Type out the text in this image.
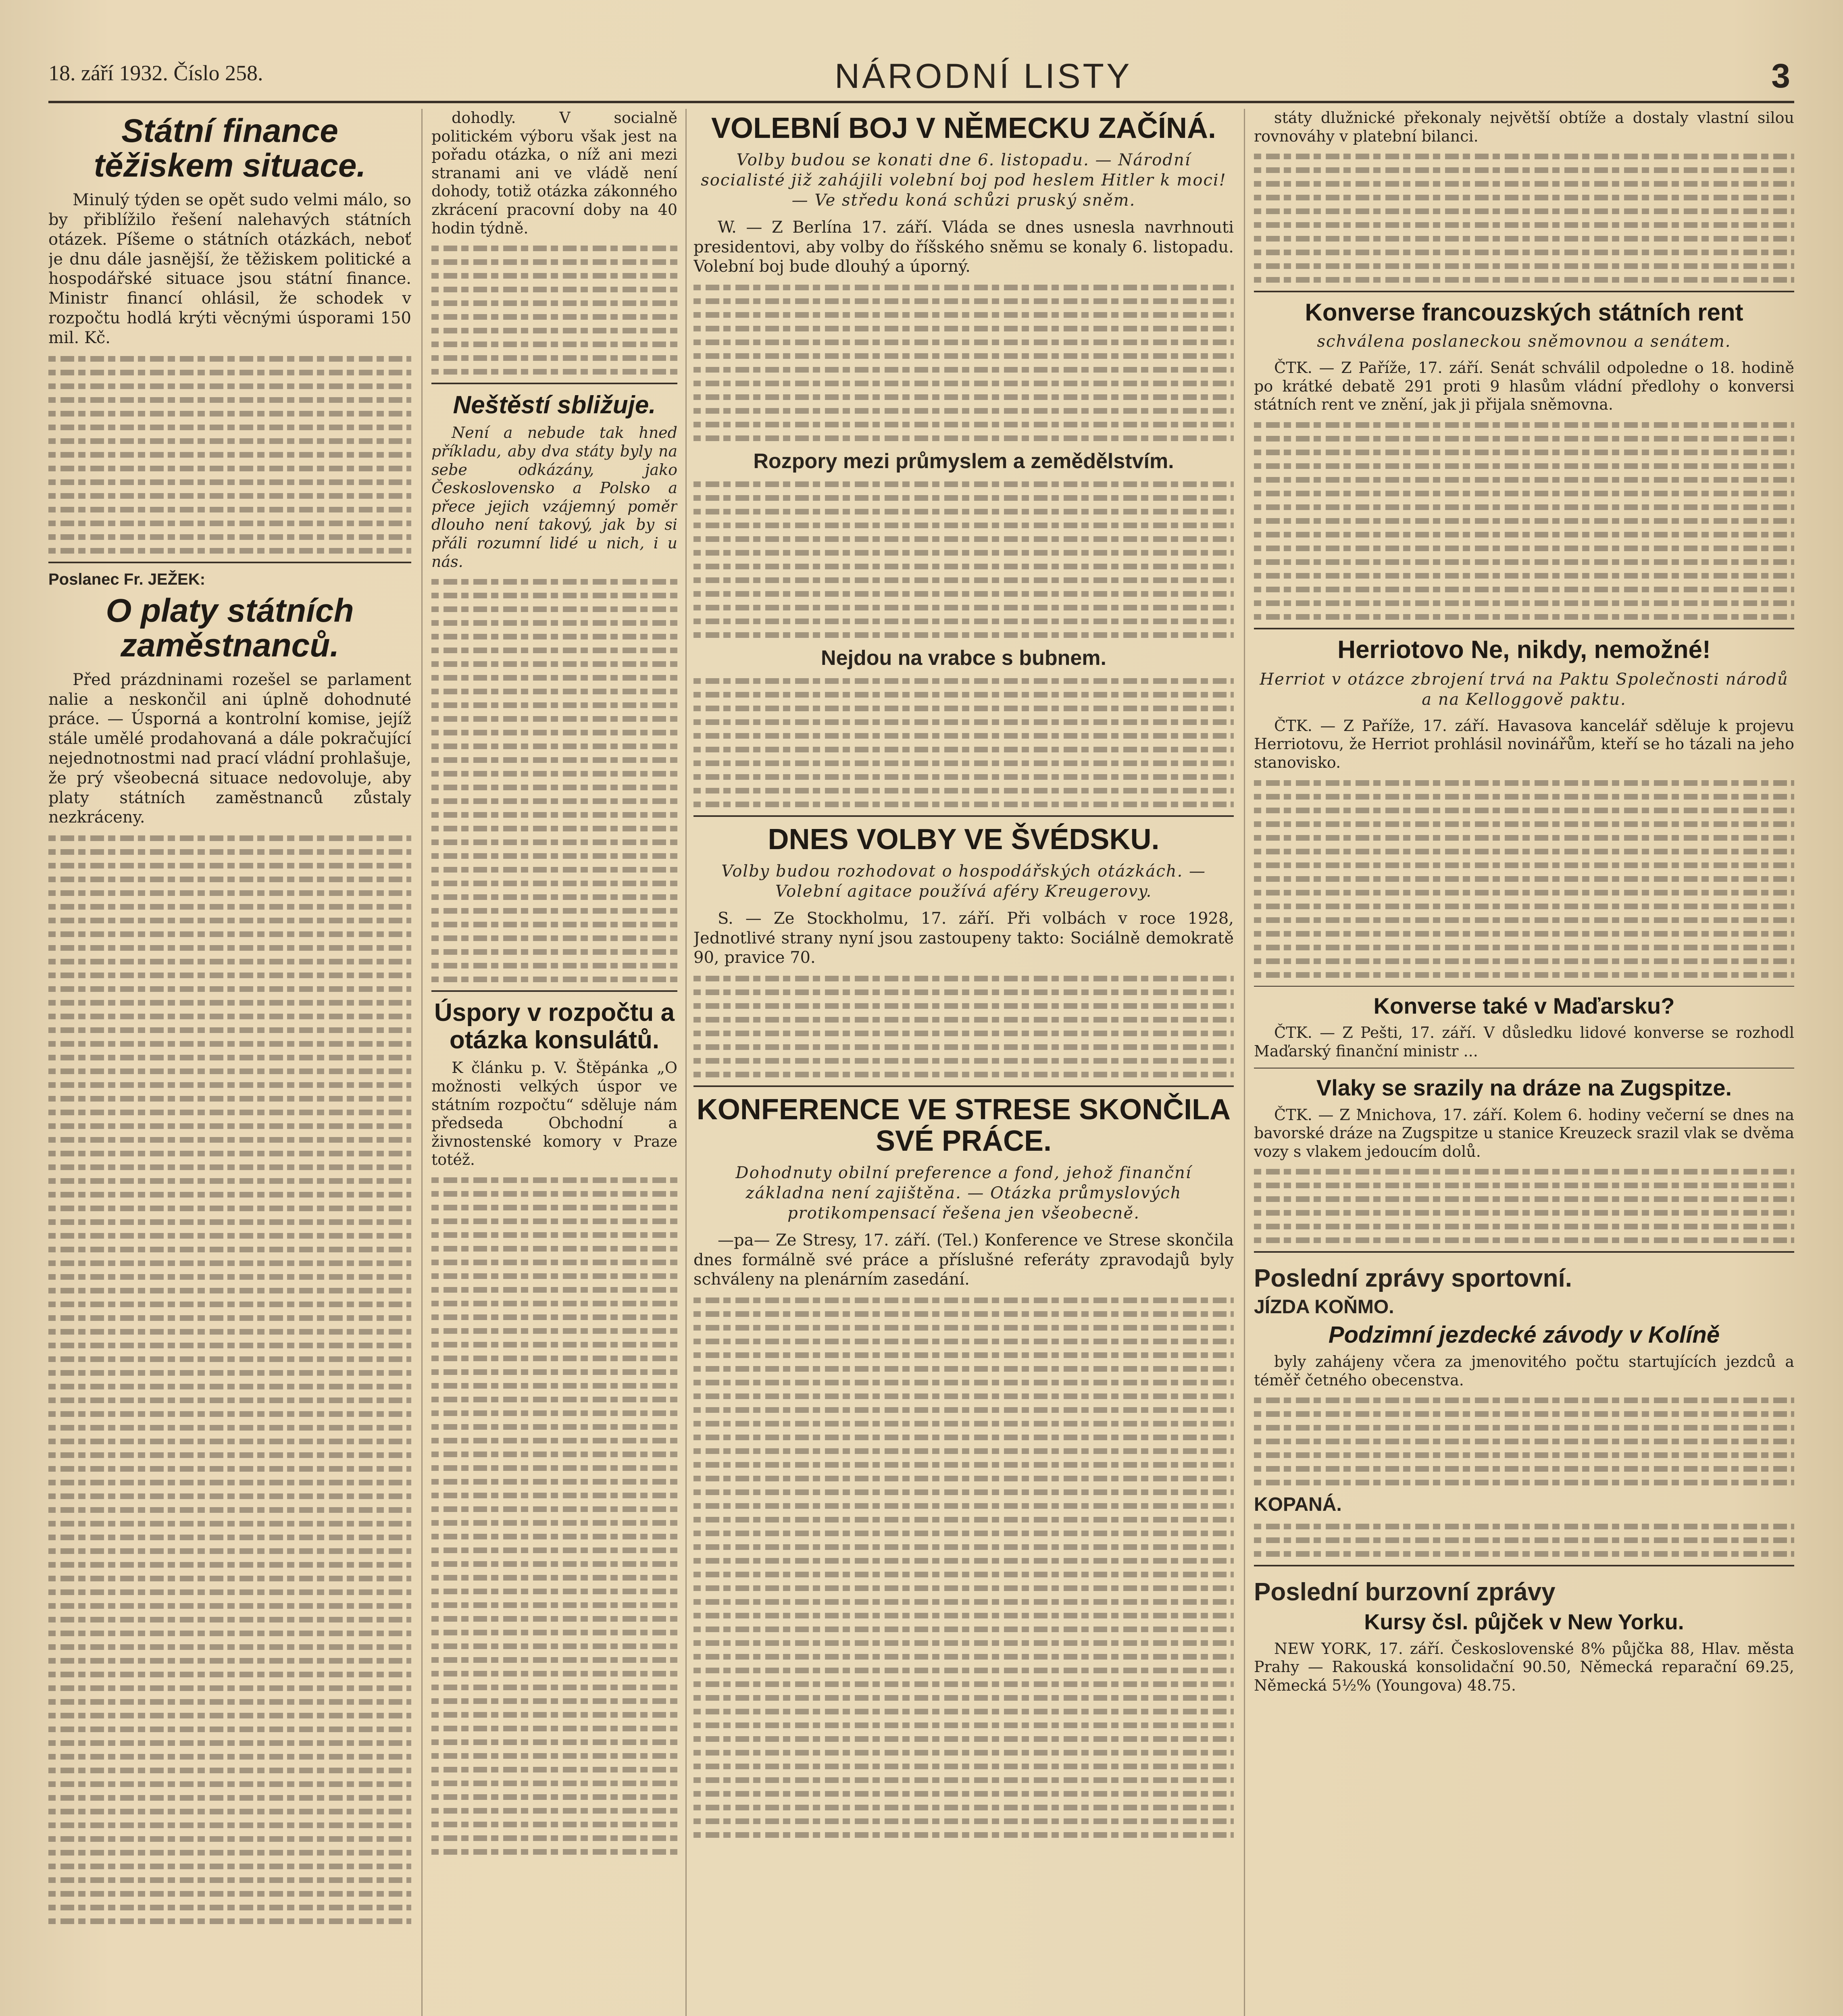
18. září 1932. Číslo 258.	NÁRODNÍ LISTY	3
Státní finance těžiskem situace.

Minulý týden se opět sudo velmi málo, so by přiblížilo řešení nalehavých státních otázek. Píšeme o státních otázkách, neboť je dnu dále jasnější, že těžiskem politické a hospodářské situace jsou státní finance. Ministr financí ohlásil, že schodek v rozpočtu hodlá krýti věcnými úsporami 150 mil. Kč.

Poslanec Fr. JEŽEK:
O platy státních zaměstnanců.

Před prázdninami rozešel se parlament nalie a neskončil ani úplně dohodnuté práce. — Úsporná a kontrolní komise, jejíž stále umělé prodahovaná a dále pokračující nejednotnostmi nad prací vládní prohlašuje, že prý všeobecná situace nedovoluje, aby platy státních zaměstnanců zůstaly nezkráceny.

dohodly. V socialně politickém výboru však jest na pořadu otázka, o níž ani mezi stranami ani ve vládě není dohody, totiž otázka zákonného zkrácení pracovní doby na 40 hodin týdně.

Neštěstí sbližuje.

Není a nebude tak hned příkladu, aby dva státy byly na sebe odkázány, jako Československo a Polsko a přece jejich vzájemný poměr dlouho není takový, jak by si přáli rozumní lidé u nich, i u nás.

Úspory v rozpočtu a otázka konsulátů.

K článku p. V. Štěpánka „O možnosti velkých úspor ve státním rozpočtu“ sděluje nám předseda Obchodní a živnostenské komory v Praze totéž.

VOLEBNÍ BOJ V NĚMECKU ZAČÍNÁ.

Volby budou se konati dne 6. listopadu. — Národní socialisté již zahájili volební boj pod heslem Hitler k moci! — Ve středu koná schůzi pruský sněm.

W. — Z Berlína 17. září. Vláda se dnes usnesla navrhnouti presidentovi, aby volby do říšského sněmu se konaly 6. listopadu. Volební boj bude dlouhý a úporný.

Rozpory mezi průmyslem a zemědělstvím.
Nejdou na vrabce s bubnem.
DNES VOLBY VE ŠVÉDSKU.

Volby budou rozhodovat o hospodářských otázkách. — Volební agitace používá aféry Kreugerovy.

S. — Ze Stockholmu, 17. září. Při volbách v roce 1928, Jednotlivé strany nyní jsou zastoupeny takto: Sociálně demokratě 90, pravice 70.

KONFERENCE VE STRESE SKONČILA SVÉ PRÁCE.

Dohodnuty obilní preference a fond, jehož finanční základna není zajištěna. — Otázka průmyslových protikompensací řešena jen všeobecně.

—pa— Ze Stresy, 17. září. (Tel.) Konference ve Strese skončila dnes formálně své práce a příslušné referáty zpravodajů byly schváleny na plenárním zasedání.

státy dlužnické překonaly největší obtíže a dostaly vlastní silou rovnováhy v platební bilanci.

Konverse francouzských státních rent

schválena poslaneckou sněmovnou a senátem.

ČTK. — Z Paříže, 17. září. Senát schválil odpoledne o 18. hodině po krátké debatě 291 proti 9 hlasům vládní předlohy o konversi státních rent ve znění, jak ji přijala sněmovna.

Herriotovo Ne, nikdy, nemožné!

Herriot v otázce zbrojení trvá na Paktu Společnosti národů a na Kelloggově paktu.

ČTK. — Z Paříže, 17. září. Havasova kancelář sděluje k projevu Herriotovu, že Herriot prohlásil novinářům, kteří se ho tázali na jeho stanovisko.

Konverse také v Maďarsku?

ČTK. — Z Pešti, 17. září. V důsledku lidové konverse se rozhodl Maďarský finanční ministr ...

Vlaky se srazily na dráze na Zugspitze.

ČTK. — Z Mnichova, 17. září. Kolem 6. hodiny večerní se dnes na bavorské dráze na Zugspitze u stanice Kreuzeck srazil vlak se dvěma vozy s vlakem jedoucím dolů.

Poslední zprávy sportovní.
JÍZDA KOŇMO.
Podzimní jezdecké závody v Kolíně

byly zahájeny včera za jmenovitého počtu startujících jezdců a téměř četného obecenstva.

KOPANÁ.
Poslední burzovní zprávy
Kursy čsl. půjček v New Yorku.

NEW YORK, 17. září. Československé 8% půjčka 88, Hlav. města Prahy — Rakouská konsolidační 90.50, Německá reparační 69.25, Německá 5½% (Youngova) 48.75.
